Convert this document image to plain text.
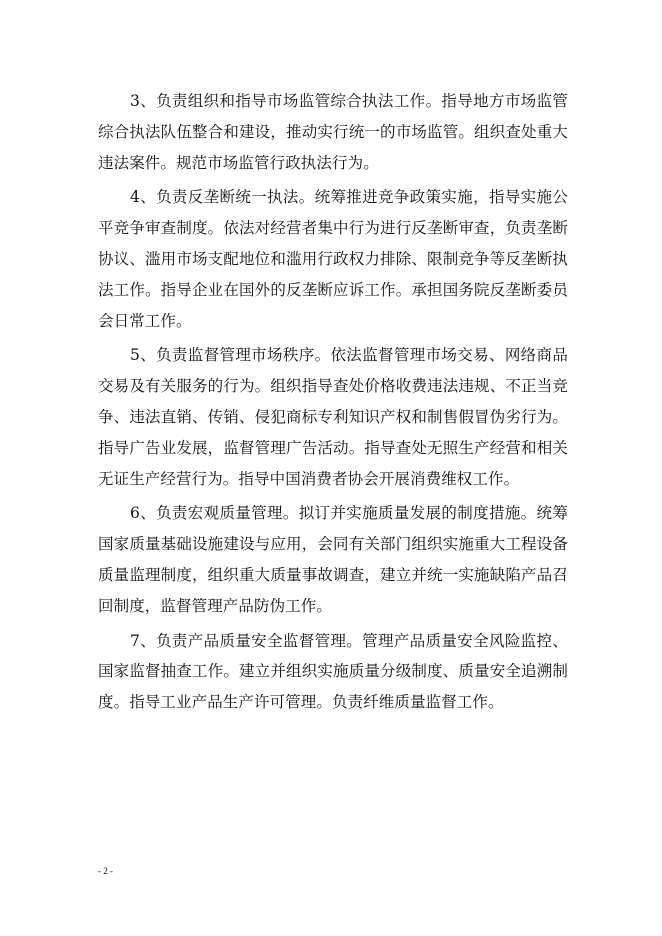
3、负责组织和指导市场监管综合执法工作。指导地方市场监管综合执法队伍整合和建设，推动实行统一的市场监管。组织查处重大违法案件。规范市场监管行政执法行为。

4、负责反垄断统一执法。统筹推进竞争政策实施，指导实施公平竞争审查制度。依法对经营者集中行为进行反垄断审查，负责垄断协议、滥用市场支配地位和滥用行政权力排除、限制竞争等反垄断执法工作。指导企业在国外的反垄断应诉工作。承担国务院反垄断委员会日常工作。

5、负责监督管理市场秩序。依法监督管理市场交易、网络商品交易及有关服务的行为。组织指导查处价格收费违法违规、不正当竞争、违法直销、传销、侵犯商标专利知识产权和制售假冒伪劣行为。指导广告业发展，监督管理广告活动。指导查处无照生产经营和相关无证生产经营行为。指导中国消费者协会开展消费维权工作。

6、负责宏观质量管理。拟订并实施质量发展的制度措施。统筹国家质量基础设施建设与应用，会同有关部门组织实施重大工程设备质量监理制度，组织重大质量事故调查，建立并统一实施缺陷产品召回制度，监督管理产品防伪工作。

7、负责产品质量安全监督管理。管理产品质量安全风险监控、国家监督抽查工作。建立并组织实施质量分级制度、质量安全追溯制度。指导工业产品生产许可管理。负责纤维质量监督工作。

- 2 -
